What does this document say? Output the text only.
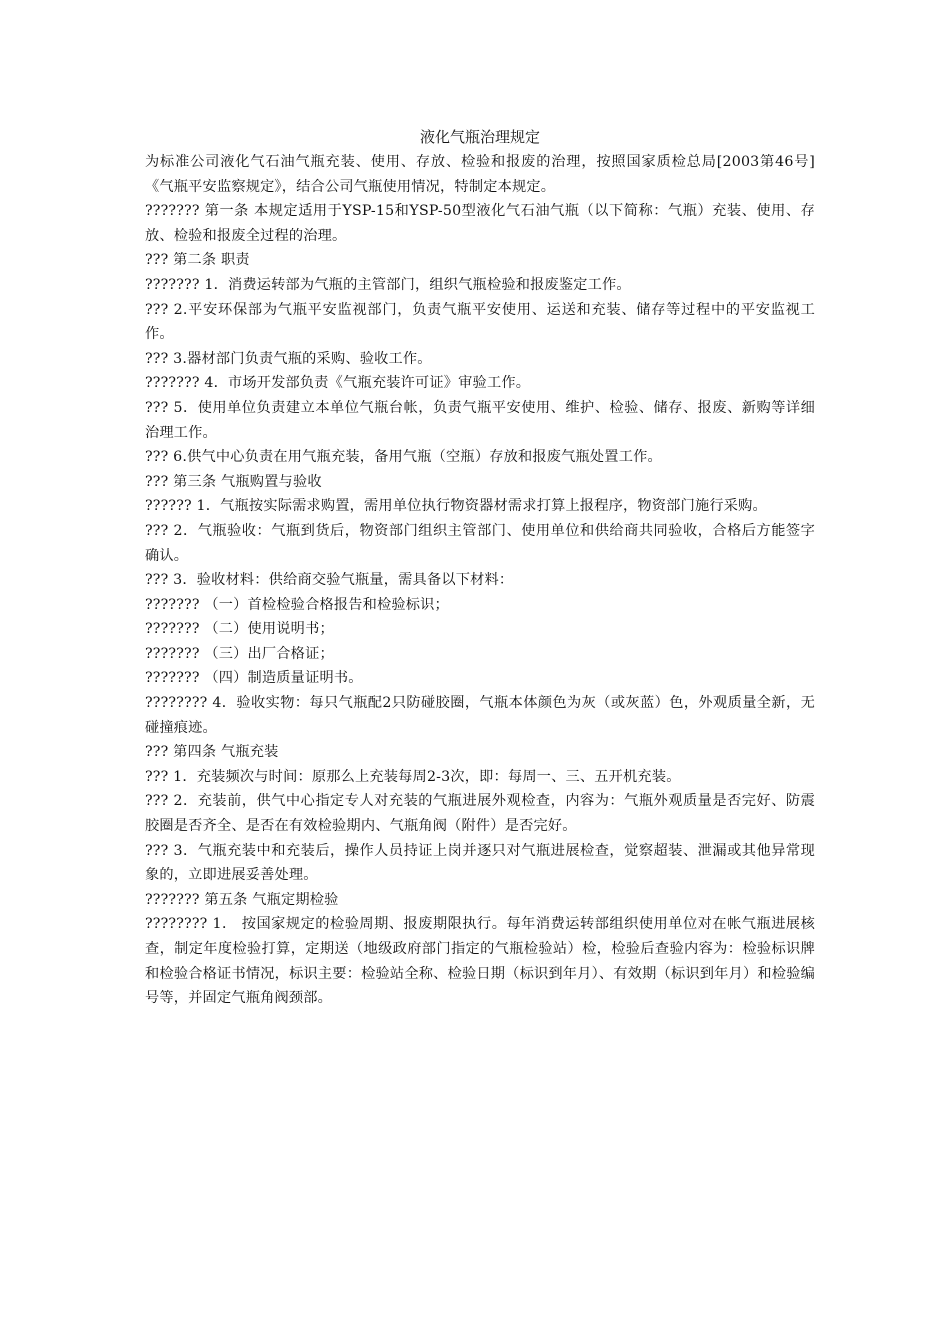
液化气瓶治理规定

为标准公司液化气石油气瓶充装、使用、存放、检验和报废的治理，按照国家质检总局[2003第46号]《气瓶平安监察规定》，结合公司气瓶使用情况，特制定本规定。

??????? 第一条 本规定适用于YSP-15和YSP-50型液化气石油气瓶（以下简称：气瓶）充装、使用、存放、检验和报废全过程的治理。

??? 第二条 职责

??????? 1．消费运转部为气瓶的主管部门，组织气瓶检验和报废鉴定工作。

??? 2.平安环保部为气瓶平安监视部门，负责气瓶平安使用、运送和充装、储存等过程中的平安监视工作。

??? 3.器材部门负责气瓶的采购、验收工作。

??????? 4．市场开发部负责《气瓶充装许可证》审验工作。

??? 5．使用单位负责建立本单位气瓶台帐，负责气瓶平安使用、维护、检验、储存、报废、新购等详细治理工作。

??? 6.供气中心负责在用气瓶充装，备用气瓶（空瓶）存放和报废气瓶处置工作。

??? 第三条 气瓶购置与验收

?????? 1．气瓶按实际需求购置，需用单位执行物资器材需求打算上报程序，物资部门施行采购。

??? 2．气瓶验收：气瓶到货后，物资部门组织主管部门、使用单位和供给商共同验收，合格后方能签字确认。

??? 3．验收材料：供给商交验气瓶量，需具备以下材料：

??????? （一）首检检验合格报告和检验标识；

??????? （二）使用说明书；

??????? （三）出厂合格证；

??????? （四）制造质量证明书。

???????? 4．验收实物：每只气瓶配2只防碰胶圈，气瓶本体颜色为灰（或灰蓝）色，外观质量全新，无碰撞痕迹。

??? 第四条 气瓶充装

??? 1．充装频次与时间：原那么上充装每周2-3次，即：每周一、三、五开机充装。

??? 2．充装前，供气中心指定专人对充装的气瓶进展外观检查，内容为：气瓶外观质量是否完好、防震胶圈是否齐全、是否在有效检验期内、气瓶角阀（附件）是否完好。

??? 3．气瓶充装中和充装后，操作人员持证上岗并逐只对气瓶进展检查，觉察超装、泄漏或其他异常现象的，立即进展妥善处理。

??????? 第五条 气瓶定期检验

???????? 1． 按国家规定的检验周期、报废期限执行。每年消费运转部组织使用单位对在帐气瓶进展核查，制定年度检验打算，定期送（地级政府部门指定的气瓶检验站）检，检验后查验内容为：检验标识牌和检验合格证书情况，标识主要：检验站全称、检验日期（标识到年月）、有效期（标识到年月）和检验编号等，并固定气瓶角阀颈部。
